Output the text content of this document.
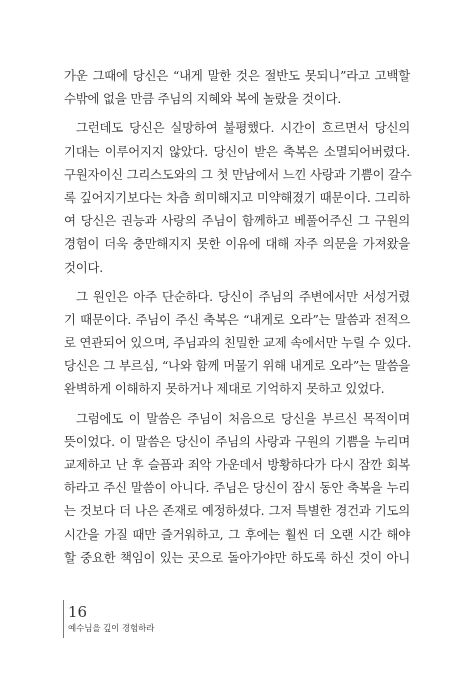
가운 그때에 당신은 “내게 말한 것은 절반도 못되니”라고 고백할
수밖에 없을 만큼 주님의 지혜와 복에 놀랐을 것이다.
그런데도 당신은 실망하여 불평했다. 시간이 흐르면서 당신의
기대는 이루어지지 않았다. 당신이 받은 축복은 소멸되어버렸다.
구원자이신 그리스도와의 그 첫 만남에서 느낀 사랑과 기쁨이 갈수
록 깊어지기보다는 차츰 희미해지고 미약해졌기 때문이다. 그리하
여 당신은 권능과 사랑의 주님이 함께하고 베풀어주신 그 구원의
경험이 더욱 충만해지지 못한 이유에 대해 자주 의문을 가져왔을
것이다.
그 원인은 아주 단순하다. 당신이 주님의 주변에서만 서성거렸
기 때문이다. 주님이 주신 축복은 “내게로 오라”는 말씀과 전적으
로 연관되어 있으며, 주님과의 친밀한 교제 속에서만 누릴 수 있다.
당신은 그 부르심, “나와 함께 머물기 위해 내게로 오라”는 말씀을
완벽하게 이해하지 못하거나 제대로 기억하지 못하고 있었다.
그럼에도 이 말씀은 주님이 처음으로 당신을 부르신 목적이며
뜻이었다. 이 말씀은 당신이 주님의 사랑과 구원의 기쁨을 누리며
교제하고 난 후 슬픔과 죄악 가운데서 방황하다가 다시 잠깐 회복
하라고 주신 말씀이 아니다. 주님은 당신이 잠시 동안 축복을 누리
는 것보다 더 나은 존재로 예정하셨다. 그저 특별한 경건과 기도의
시간을 가질 때만 즐거워하고, 그 후에는 훨씬 더 오랜 시간 해야
할 중요한 책임이 있는 곳으로 돌아가야만 하도록 하신 것이 아니
16
예수님을 깊이 경험하라
